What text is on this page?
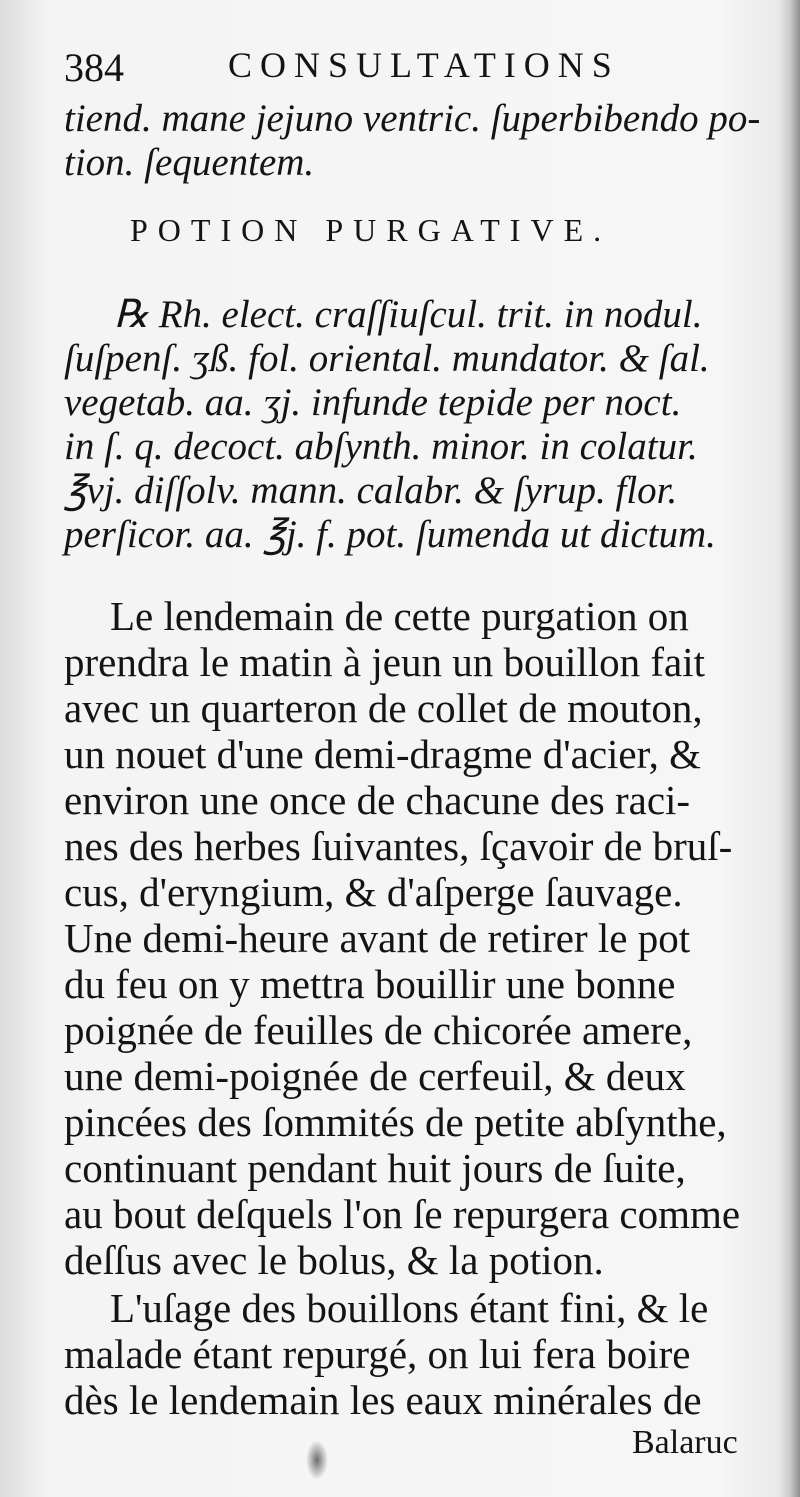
384	CONSULTATIONS
tiend. mane jejuno ventric. ſuperbibendo po-
tion. ſequentem.
POTION PURGATIVE.
℞ Rh. elect. craſſiuſcul. trit. in nodul.
ſuſpenſ. ʒß. fol. oriental. mundator. & ſal.
vegetab. aa. ʒj. infunde tepide per noct.
in ſ. q. decoct. abſynth. minor. in colatur.
℥vj. diſſolv. mann. calabr. & ſyrup. flor.
perſicor. aa. ℥j. f. pot. ſumenda ut dictum.
Le lendemain de cette purgation on
prendra le matin à jeun un bouillon fait
avec un quarteron de collet de mouton,
un nouet d'une demi-dragme d'acier, &
environ une once de chacune des raci-
nes des herbes ſuivantes, ſçavoir de bruſ-
cus, d'eryngium, & d'aſperge ſauvage.
Une demi-heure avant de retirer le pot
du feu on y mettra bouillir une bonne
poignée de feuilles de chicorée amere,
une demi-poignée de cerfeuil, & deux
pincées des ſommités de petite abſynthe,
continuant pendant huit jours de ſuite,
au bout deſquels l'on ſe repurgera comme
deſſus avec le bolus, & la potion.
L'uſage des bouillons étant fini, & le
malade étant repurgé, on lui fera boire
dès le lendemain les eaux minérales de
Balaruc
